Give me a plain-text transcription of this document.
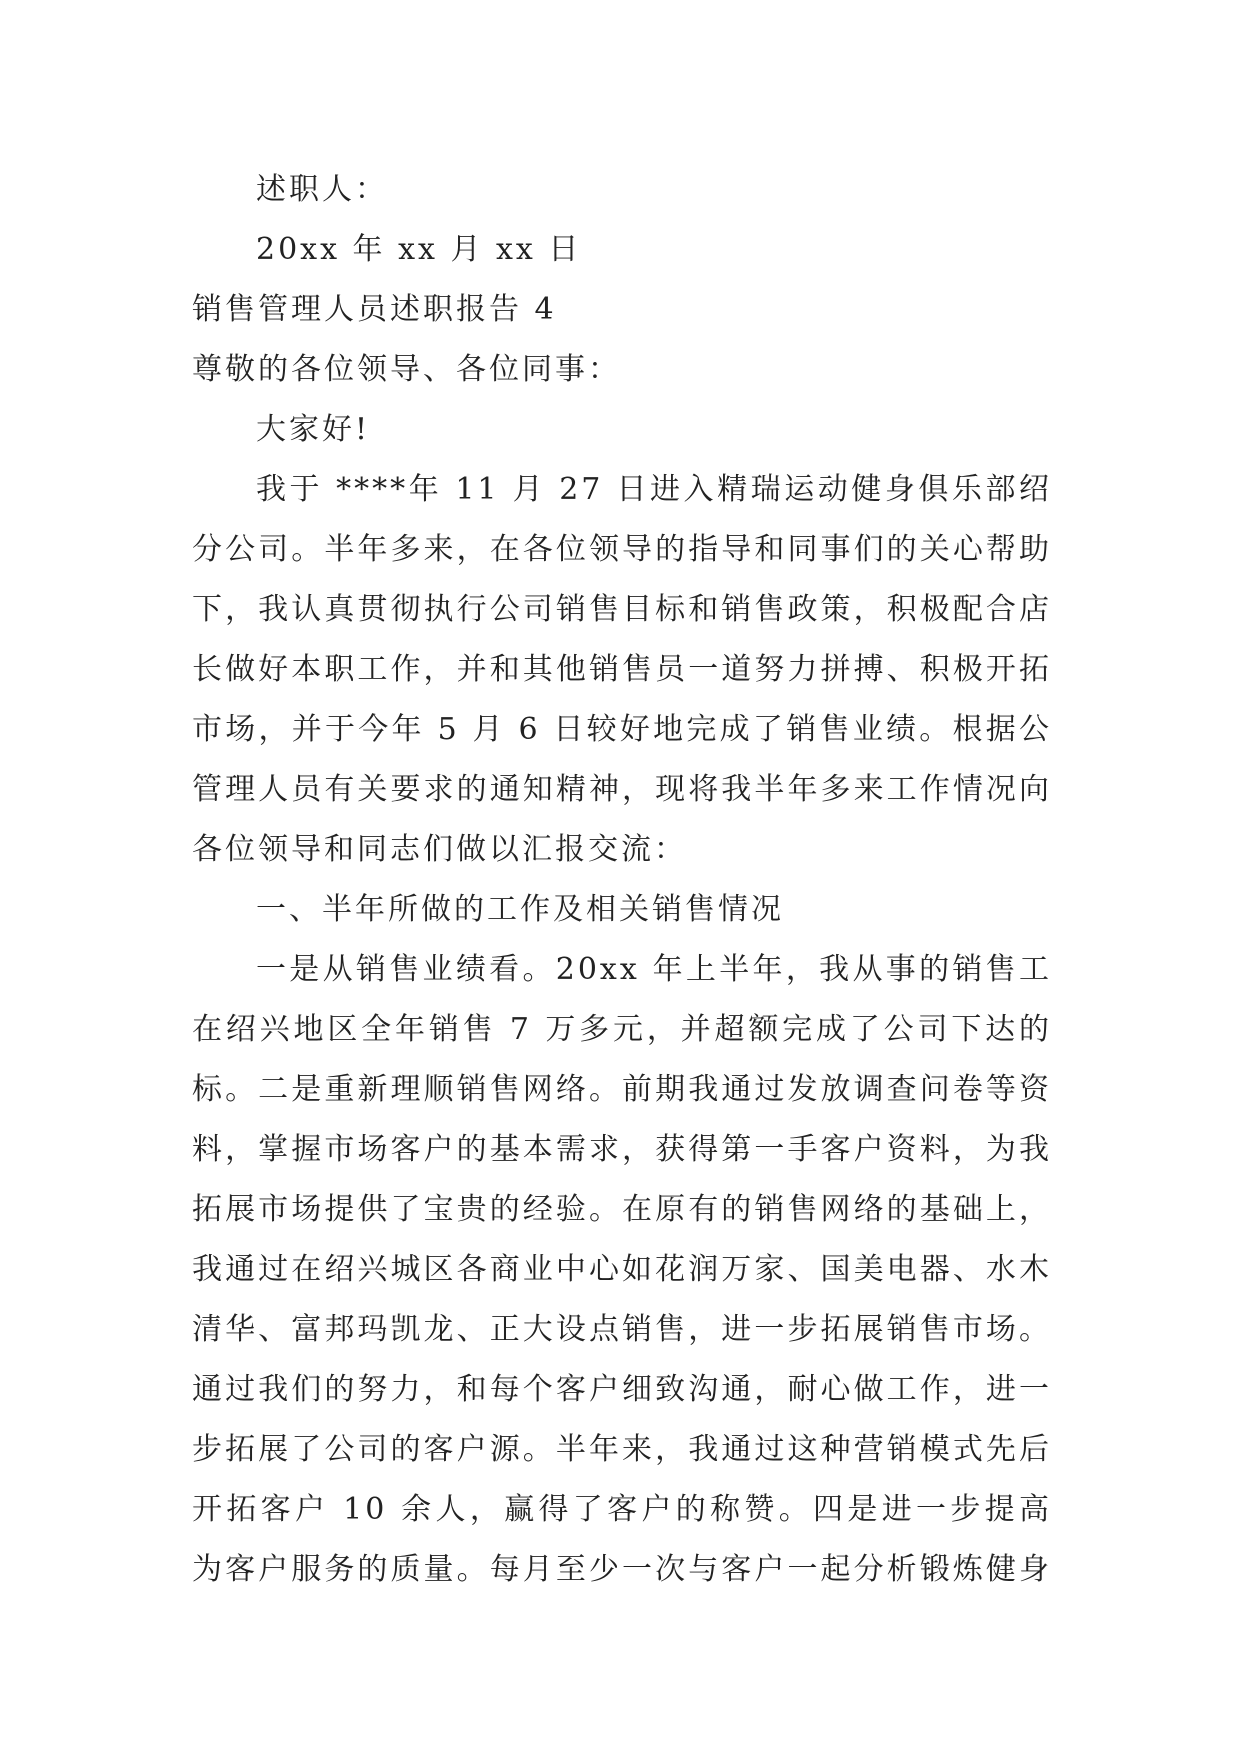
述职人：
20xx 年 xx 月 xx 日
销售管理人员述职报告 4
尊敬的各位领导、各位同事：
大家好!
我于 ****年 11 月 27 日进入精瑞运动健身俱乐部绍
分公司。半年多来，在各位领导的指导和同事们的关心帮助
下，我认真贯彻执行公司销售目标和销售政策，积极配合店
长做好本职工作，并和其他销售员一道努力拼搏、积极开拓
市场，并于今年 5 月 6 日较好地完成了销售业绩。根据公
管理人员有关要求的通知精神，现将我半年多来工作情况向
各位领导和同志们做以汇报交流：
一、半年所做的工作及相关销售情况
一是从销售业绩看。20xx 年上半年，我从事的销售工
在绍兴地区全年销售 7 万多元，并超额完成了公司下达的
标。二是重新理顺销售网络。前期我通过发放调查问卷等资
料，掌握市场客户的基本需求，获得第一手客户资料，为我
拓展市场提供了宝贵的经验。在原有的销售网络的基础上，
我通过在绍兴城区各商业中心如花润万家、国美电器、水木
清华、富邦玛凯龙、正大设点销售，进一步拓展销售市场。
通过我们的努力，和每个客户细致沟通，耐心做工作，进一
步拓展了公司的客户源。半年来，我通过这种营销模式先后
开拓客户 10 余人，赢得了客户的称赞。四是进一步提高
为客户服务的质量。每月至少一次与客户一起分析锻炼健身
